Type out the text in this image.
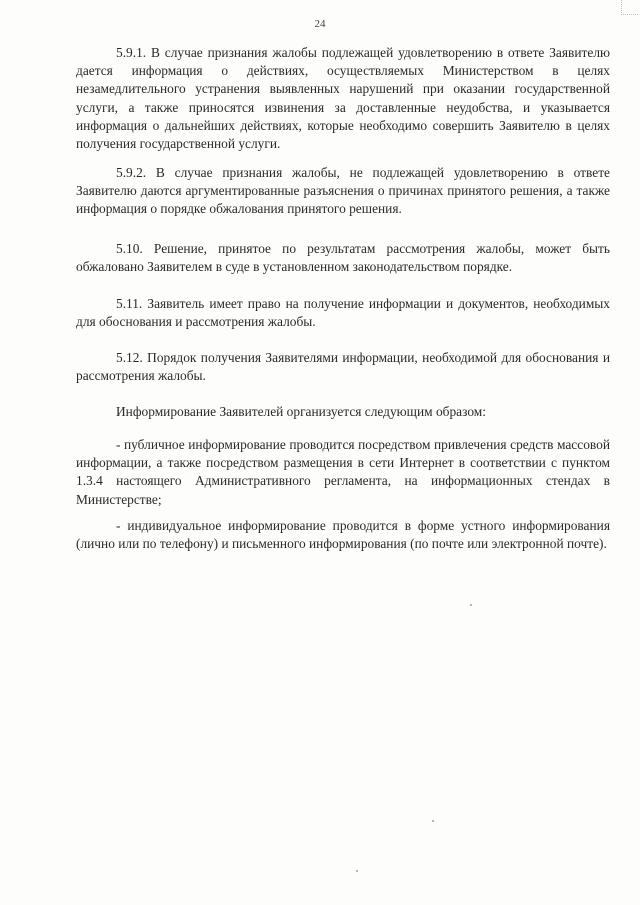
24

5.9.1. В случае признания жалобы подлежащей удовлетворению в ответе Заявителю дается информация о действиях, осуществляемых Министерством в целях незамедлительного устранения выявленных нарушений при оказании государственной услуги, а также приносятся извинения за доставленные неудобства, и указывается информация о дальнейших действиях, которые необходимо совершить Заявителю в целях получения государственной услуги.

5.9.2. В случае признания жалобы, не подлежащей удовлетворению в ответе Заявителю даются аргументированные разъяснения о причинах принятого решения, а также информация о порядке обжалования принятого решения.

5.10. Решение, принятое по результатам рассмотрения жалобы, может быть обжаловано Заявителем в суде в установленном законодательством порядке.

5.11. Заявитель имеет право на получение информации и документов, необходимых для обоснования и рассмотрения жалобы.

5.12. Порядок получения Заявителями информации, необходимой для обоснования и рассмотрения жалобы.

Информирование Заявителей организуется следующим образом:

- публичное информирование проводится посредством привлечения средств массовой информации, а также посредством размещения в сети Интернет в соответствии с пунктом 1.3.4 настоящего Административного регламента, на информационных стендах в Министерстве;

- индивидуальное информирование проводится в форме устного информирования (лично или по телефону) и письменного информирования (по почте или электронной почте).
